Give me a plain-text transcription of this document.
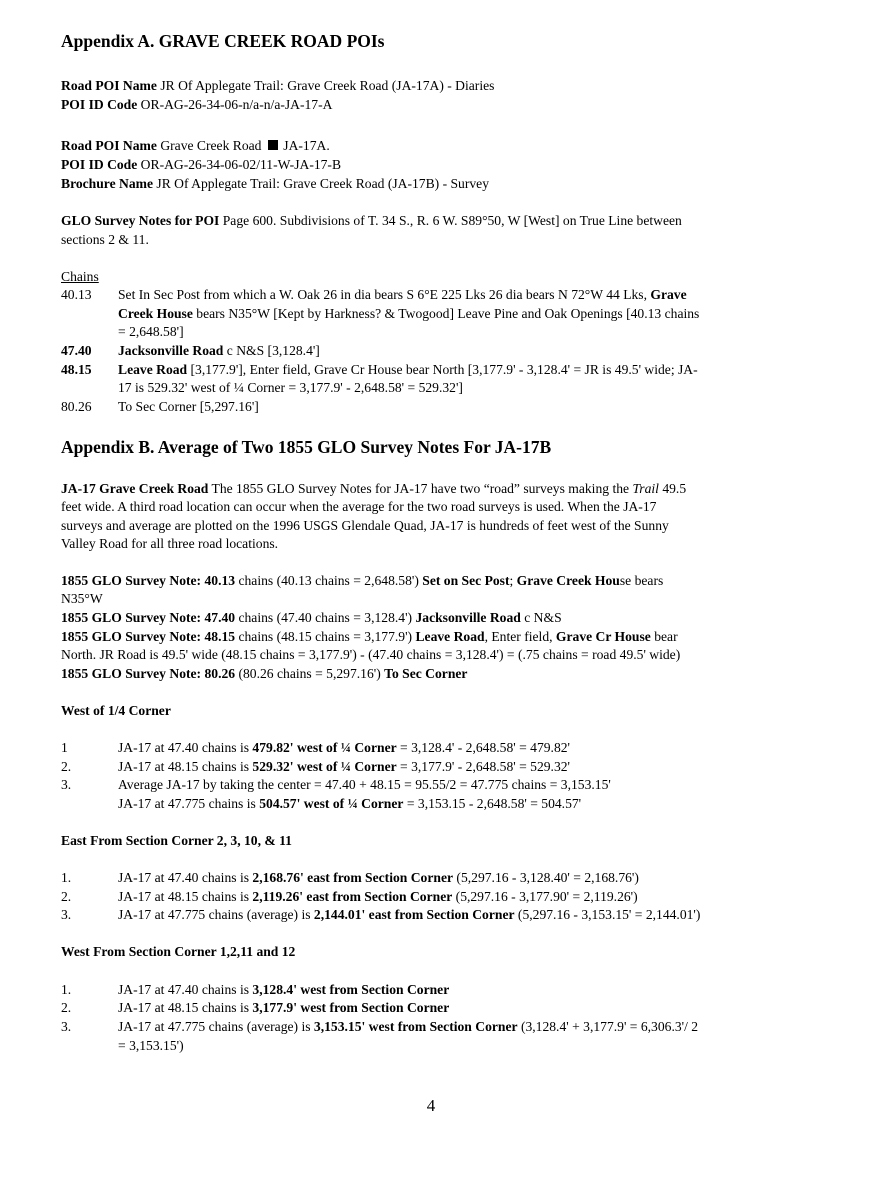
Appendix A. GRAVE CREEK ROAD POIs
Road POI Name JR Of Applegate Trail: Grave Creek Road (JA-17A) - Diaries
POI ID Code OR-AG-26-34-06-n/a-n/a-JA-17-A
Road POI Name Grave Creek Road  JA-17A.
POI ID Code OR-AG-26-34-06-02/11-W-JA-17-B
Brochure Name JR Of Applegate Trail: Grave Creek Road (JA-17B) - Survey
GLO Survey Notes for POI Page 600. Subdivisions of T. 34 S., R. 6 W. S89°50, W [West] on True Line between
sections 2 & 11.
Chains
40.13 Set In Sec Post from which a W. Oak 26 in dia bears S 6°E 225 Lks 26 dia bears N 72°W 44 Lks, Grave
Creek House bears N35°W [Kept by Harkness? & Twogood] Leave Pine and Oak Openings [40.13 chains
= 2,648.58']
47.40 Jacksonville Road c N&S [3,128.4']
48.15 Leave Road [3,177.9'], Enter field, Grave Cr House bear North [3,177.9' - 3,128.4' = JR is 49.5' wide; JA-
17 is 529.32' west of ¼ Corner = 3,177.9' - 2,648.58' = 529.32']
80.26 To Sec Corner [5,297.16']
Appendix B. Average of Two 1855 GLO Survey Notes For JA-17B
JA-17 Grave Creek Road The 1855 GLO Survey Notes for JA-17 have two “road” surveys making the Trail 49.5
feet wide. A third road location can occur when the average for the two road surveys is used. When the JA-17
surveys and average are plotted on the 1996 USGS Glendale Quad, JA-17 is hundreds of feet west of the Sunny
Valley Road for all three road locations.
1855 GLO Survey Note: 40.13 chains (40.13 chains = 2,648.58') Set on Sec Post; Grave Creek House bears
N35°W
1855 GLO Survey Note: 47.40 chains (47.40 chains = 3,128.4') Jacksonville Road c N&S
1855 GLO Survey Note: 48.15 chains (48.15 chains = 3,177.9') Leave Road, Enter field, Grave Cr House bear
North. JR Road is 49.5' wide (48.15 chains = 3,177.9') - (47.40 chains = 3,128.4') = (.75 chains = road 49.5' wide)
1855 GLO Survey Note: 80.26 (80.26 chains = 5,297.16') To Sec Corner
West of 1/4 Corner
1	JA-17 at 47.40 chains is 479.82' west of ¼ Corner = 3,128.4' - 2,648.58' = 479.82'
2.	JA-17 at 48.15 chains is 529.32' west of ¼ Corner = 3,177.9' - 2,648.58' = 529.32'
3.	Average JA-17 by taking the center = 47.40 + 48.15 = 95.55/2 = 47.775 chains = 3,153.15'
JA-17 at 47.775 chains is 504.57' west of ¼ Corner = 3,153.15 - 2,648.58' = 504.57'
East From Section Corner 2, 3, 10, & 11
1.	JA-17 at 47.40 chains is 2,168.76' east from Section Corner (5,297.16 - 3,128.40' = 2,168.76')
2.	JA-17 at 48.15 chains is 2,119.26' east from Section Corner (5,297.16 - 3,177.90' = 2,119.26')
3.	JA-17 at 47.775 chains (average) is 2,144.01' east from Section Corner (5,297.16 - 3,153.15' = 2,144.01')
West From Section Corner 1,2,11 and 12
1.	JA-17 at 47.40 chains is 3,128.4' west from Section Corner
2.	JA-17 at 48.15 chains is 3,177.9' west from Section Corner
3.	JA-17 at 47.775 chains (average) is 3,153.15' west from Section Corner (3,128.4' + 3,177.9' = 6,306.3'/ 2
= 3,153.15')
4
